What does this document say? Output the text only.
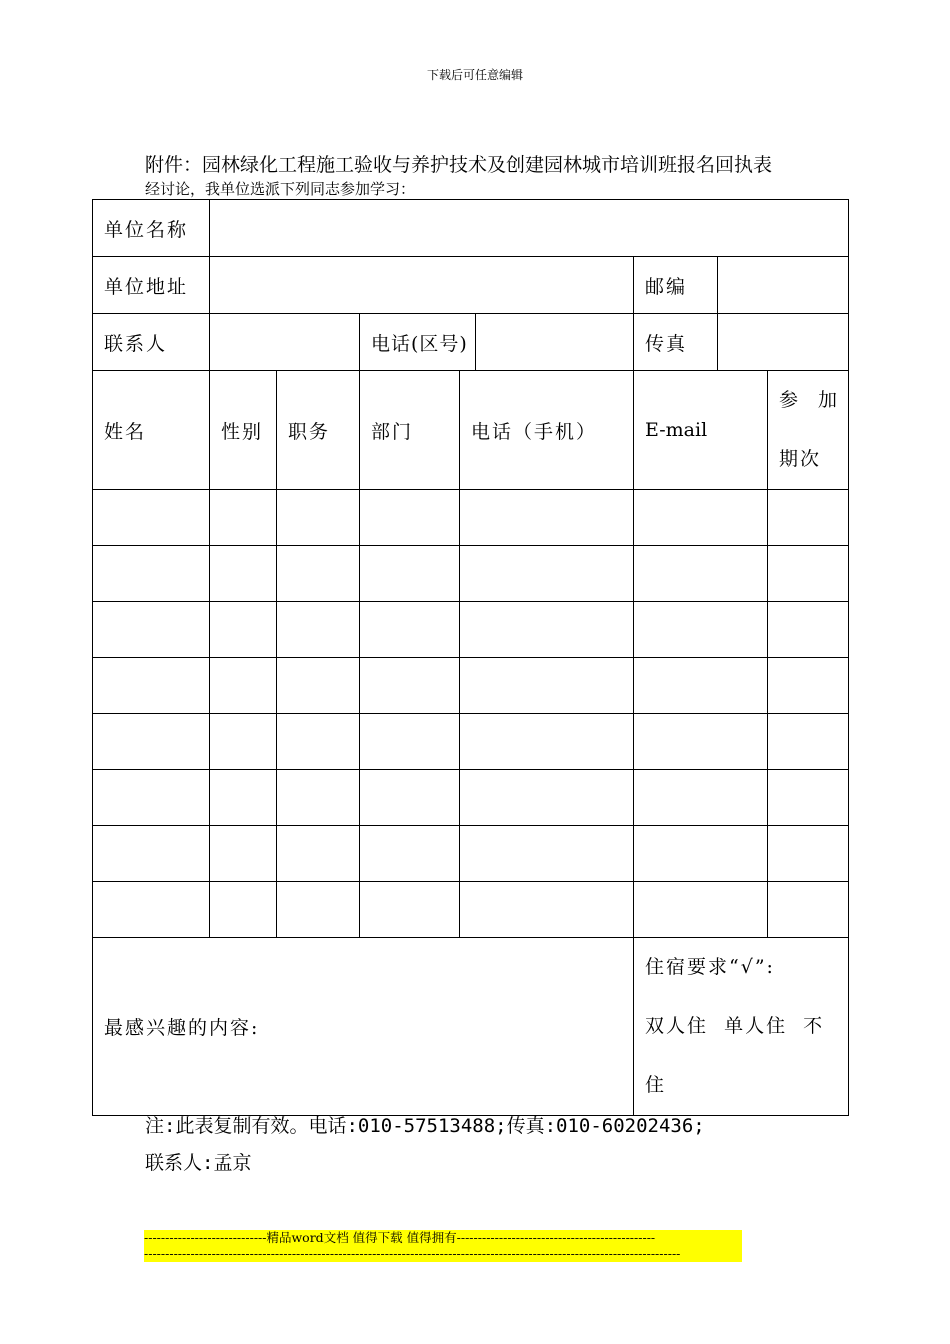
下载后可任意编辑
附件：园林绿化工程施工验收与养护技术及创建园林城市培训班报名回执表
经讨论，我单位选派下列同志参加学习：
单位名称								
单位地址						邮编		
联系人			电话(区号)			传真		
姓名	性别	职务	部门	电话（手机）		E-mail		参 加
期次

最感兴趣的内容:						住宿要求“√”:
双人住  单人住  不
住		
注:此表复制有效。电话:010-57513488;传真:010-60202436;
联系人:孟京
-----------------------------精品word文档 值得下载 值得拥有-----------------------------------------------
-------------------------------------------------------------------------------------------------------------------------------
